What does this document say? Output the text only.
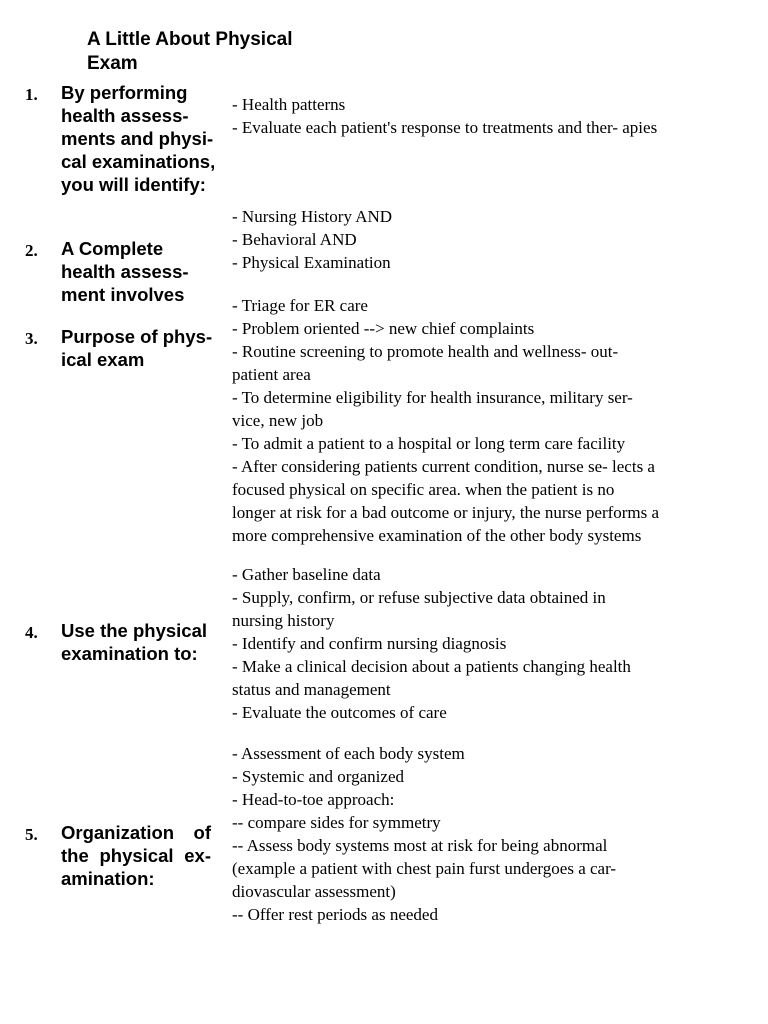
A Little About Physical Exam
1.	By performing health assess- ments and physi- cal examinations, you will identify:
- Health patterns
- Evaluate each patient's response to treatments and ther- apies
2.	A Complete health assess- ment involves
- Nursing History AND
- Behavioral AND
- Physical Examination
3.	Purpose of phys- ical exam
- Triage for ER care
- Problem oriented --> new chief complaints
- Routine screening to promote health and wellness- out-
patient area
- To determine eligibility for health insurance, military ser-
vice, new job
- To admit a patient to a hospital or long term care facility
- After considering patients current condition, nurse se- lects a
focused physical on specific area. when the patient is no
longer at risk for a bad outcome or injury, the nurse performs a
more comprehensive examination of the other body systems
4.	Use the physical examination to:
- Gather baseline data
- Supply, confirm, or refuse subjective data obtained in
nursing history
- Identify and confirm nursing diagnosis
- Make a clinical decision about a patients changing health
status and management
- Evaluate the outcomes of care
5.	Organization of the physical ex- amination:
- Assessment of each body system
- Systemic and organized
- Head-to-toe approach:
-- compare sides for symmetry
-- Assess body systems most at risk for being abnormal
(example a patient with chest pain furst undergoes a car-
diovascular assessment)
-- Offer rest periods as needed
